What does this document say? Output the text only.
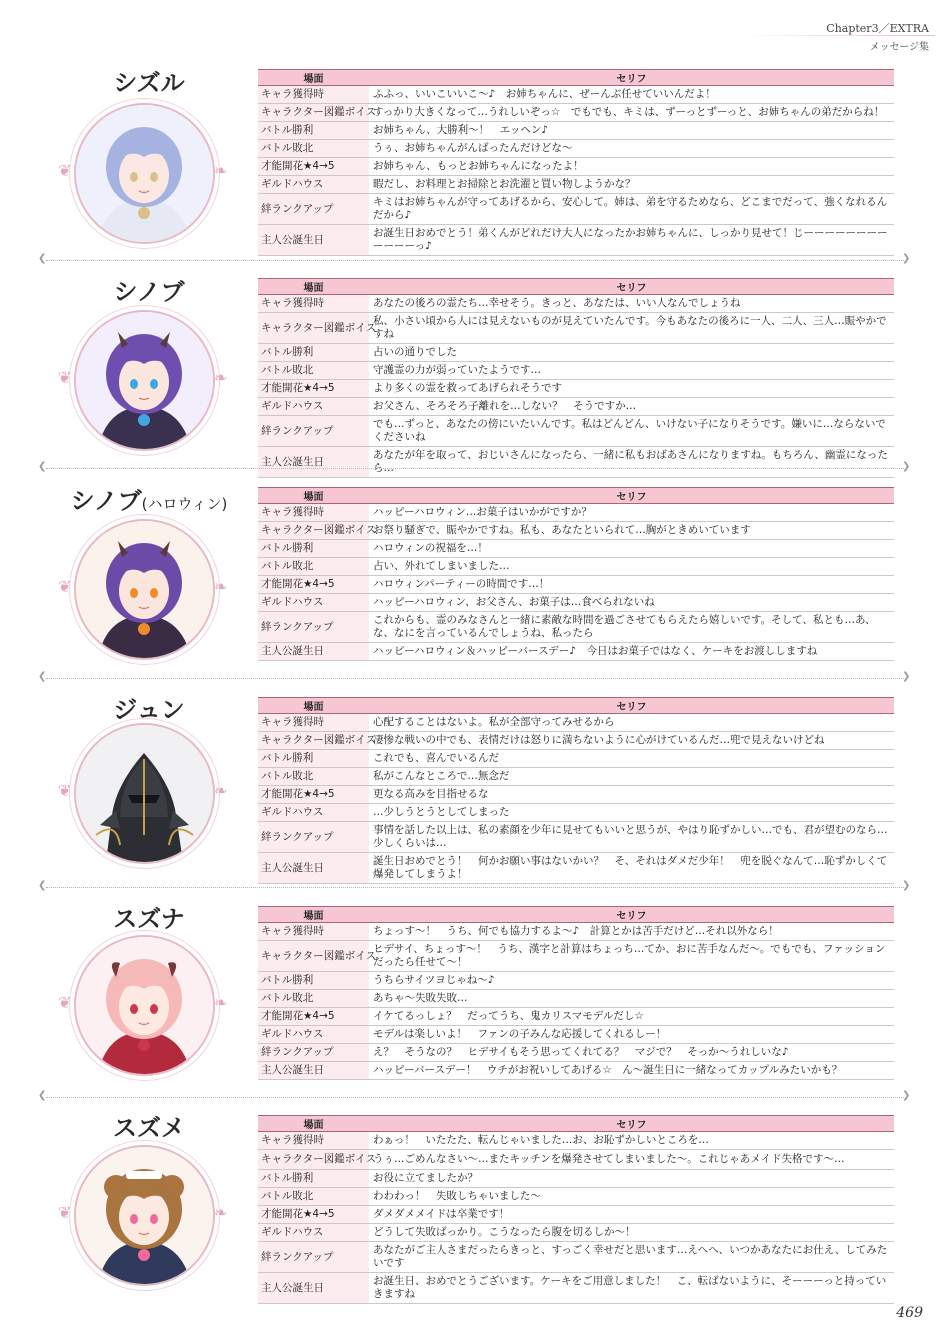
Chapter3／EXTRA
メッセージ集
シズル
❦	❧
場面	セリフ
キャラ獲得時	ふふっ、いいこいいこ～♪　お姉ちゃんに、ぜーんぶ任せていいんだよ！
キャラクター図鑑ボイス	すっかり大きくなって…うれしいぞっ☆　でもでも、キミは、ずーっとずーっと、お姉ちゃんの弟だからね！
バトル勝利	お姉ちゃん、大勝利～！　エッヘン♪
バトル敗北	うぅ、お姉ちゃんがんばったんだけどな～
才能開花★4→5	お姉ちゃん、もっとお姉ちゃんになったよ！
ギルドハウス	暇だし、お料理とお掃除とお洗濯と買い物しようかな？
絆ランクアップ	キミはお姉ちゃんが守ってあげるから、安心して。姉は、弟を守るためなら、どこまでだって、強くなれるんだから♪
主人公誕生日	お誕生日おめでとう！弟くんがどれだけ大人になったかお姉ちゃんに、しっかり見せて！じーーーーーーーーーーーーっ♪
シノブ
❦	❧
場面	セリフ
キャラ獲得時	あなたの後ろの霊たち…幸せそう。きっと、あなたは、いい人なんでしょうね
キャラクター図鑑ボイス	私、小さい頃から人には見えないものが見えていたんです。今もあなたの後ろに一人、二人、三人…賑やかですね
バトル勝利	占いの通りでした
バトル敗北	守護霊の力が弱っていたようです…
才能開花★4→5	より多くの霊を救ってあげられそうです
ギルドハウス	お父さん、そろそろ子離れを…しない？　そうですか…
絆ランクアップ	でも…ずっと、あなたの傍にいたいんです。私はどんどん、いけない子になりそうです。嫌いに…ならないでくださいね
主人公誕生日	あなたが年を取って、おじいさんになったら、一緒に私もおばあさんになりますね。もちろん、幽霊になったら…
シノブ(ハロウィン)
❦	❧
場面	セリフ
キャラ獲得時	ハッピーハロウィン…お菓子はいかがですか？
キャラクター図鑑ボイス	お祭り騒ぎで、賑やかですね。私も、あなたといられて…胸がときめいています
バトル勝利	ハロウィンの祝福を…！
バトル敗北	占い、外れてしまいました…
才能開花★4→5	ハロウィンパーティーの時間です…！
ギルドハウス	ハッピーハロウィン、お父さん、お菓子は…食べられないね
絆ランクアップ	これからも、霊のみなさんと一緒に素敵な時間を過ごさせてもらえたら嬉しいです。そして、私とも…あ、な、なにを言っているんでしょうね、私ったら
主人公誕生日	ハッピーハロウィン＆ハッピーバースデー♪　今日はお菓子ではなく、ケーキをお渡ししますね
ジュン
❦	❧
場面	セリフ
キャラ獲得時	心配することはないよ。私が全部守ってみせるから
キャラクター図鑑ボイス	凄惨な戦いの中でも、表情だけは怒りに満ちないように心がけているんだ…兜で見えないけどね
バトル勝利	これでも、喜んでいるんだ
バトル敗北	私がこんなところで…無念だ
才能開花★4→5	更なる高みを目指せるな
ギルドハウス	…少しうとうとしてしまった
絆ランクアップ	事情を話した以上は、私の素顔を少年に見せてもいいと思うが、やはり恥ずかしい…でも、君が望むのなら…少しくらいは…
主人公誕生日	誕生日おめでとう！　何かお願い事はないかい？　そ、それはダメだ少年！　兜を脱ぐなんて…恥ずかしくて爆発してしまうよ！
スズナ
❦	❧
場面	セリフ
キャラ獲得時	ちょっす～！　うち、何でも協力するよ～♪　計算とかは苦手だけど…それ以外なら！
キャラクター図鑑ボイス	ヒデサイ、ちょっす～！　うち、漢字と計算はちょっち…てか、おに苦手なんだ～。でもでも、ファッションだったら任せて～！
バトル勝利	うちらサイツヨじゃね～♪
バトル敗北	あちゃ～失敗失敗…
才能開花★4→5	イケてるっしょ？　だってうち、鬼カリスマモデルだし☆
ギルドハウス	モデルは楽しいよ！　ファンの子みんな応援してくれるしー！
絆ランクアップ	え？　そうなの？　ヒデサイもそう思ってくれてる？　マジで？　そっか～うれしいな♪
主人公誕生日	ハッピーバースデー！　ウチがお祝いしてあげる☆　ん～誕生日に一緒なってカップルみたいかも？
スズメ
❦	❧
場面	セリフ
キャラ獲得時	わぁっ！　いたたた、転んじゃいました…お、お恥ずかしいところを…
キャラクター図鑑ボイス	うぅ…ごめんなさい～…またキッチンを爆発させてしまいました～。これじゃあメイド失格です～…
バトル勝利	お役に立てましたか？
バトル敗北	わわわっ！　失敗しちゃいました～
才能開花★4→5	ダメダメメイドは卒業です！
ギルドハウス	どうして失敗ばっかり。こうなったら腹を切るしか～！
絆ランクアップ	あなたがご主人さまだったらきっと、すっごく幸せだと思います…えへへ、いつかあなたにお仕え、してみたいです
主人公誕生日	お誕生日、おめでとうございます。ケーキをご用意しました！　こ、転ばないように、そーーーっと持っていきますね
❮	❯
❮	❯
❮	❯
❮	❯
❮	❯
469
